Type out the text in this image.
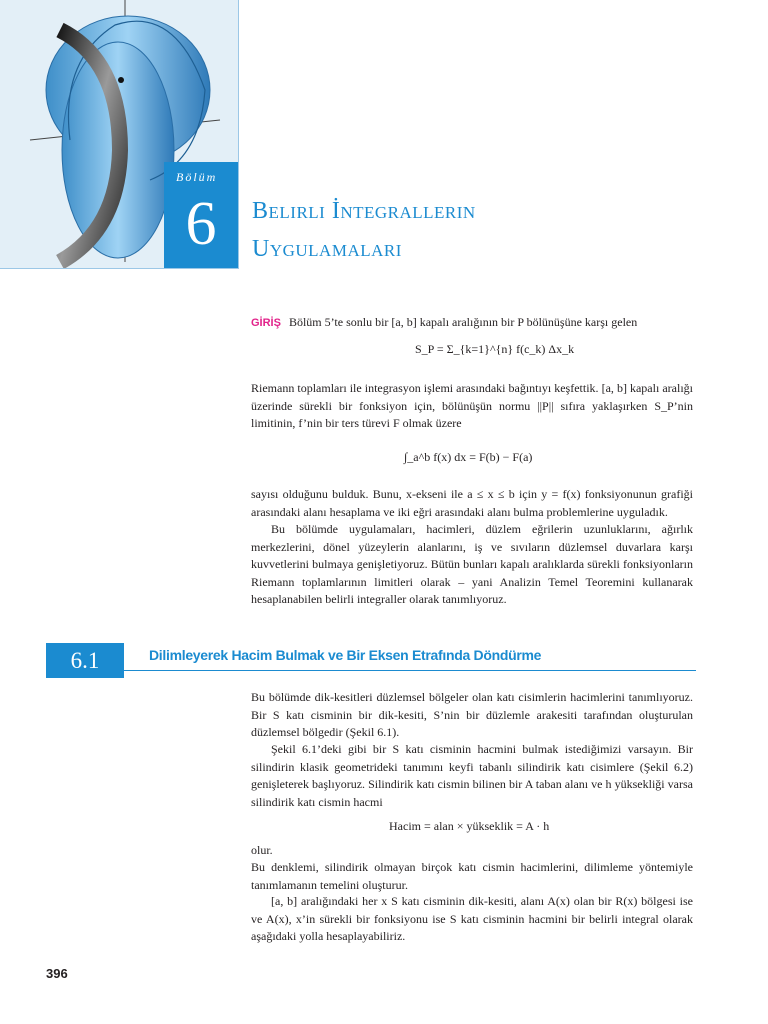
Bölüm
6	Belirli İntegrallerin
Uygulamaları

GİRİŞ Bölüm 5’te sonlu bir [a, b] kapalı aralığının bir P bölünüşüne karşı gelen

S_P = Σ_{k=1}^{n} f(c_k) Δx_k
Riemann toplamları ile integrasyon işlemi arasındaki bağıntıyı keşfettik. [a, b] kapalı aralığı üzerinde sürekli bir fonksiyon için, bölünüşün normu ||P|| sıfıra yaklaşırken S_P’nin limitinin, f’nin bir ters türevi F olmak üzere
∫_a^b f(x) dx = F(b) − F(a)
sayısı olduğunu bulduk. Bunu, x-ekseni ile a ≤ x ≤ b için y = f(x) fonksiyonunun grafiği arasındaki alanı hesaplama ve iki eğri arasındaki alanı bulma problemlerine uyguladık.
Bu bölümde uygulamaları, hacimleri, düzlem eğrilerin uzunluklarını, ağırlık merkezlerini, dönel yüzeylerin alanlarını, iş ve sıvıların düzlemsel duvarlara karşı kuvvetlerini bulmaya genişletiyoruz. Bütün bunları kapalı aralıklarda sürekli fonksiyonların Riemann toplamlarının limitleri olarak – yani Analizin Temel Teoremini kullanarak hesaplanabilen belirli integraller olarak tanımlıyoruz.
6.1	Dilimleyerek Hacim Bulmak ve Bir Eksen Etrafında Döndürme
Bu bölümde dik-kesitleri düzlemsel bölgeler olan katı cisimlerin hacimlerini tanımlıyoruz. Bir S katı cisminin bir dik-kesiti, S’nin bir düzlemle arakesiti tarafından oluşturulan düzlemsel bölgedir (Şekil 6.1).
Şekil 6.1’deki gibi bir S katı cisminin hacmini bulmak istediğimizi varsayın. Bir silindirin klasik geometrideki tanımını keyfi tabanlı silindirik katı cisimlere (Şekil 6.2) genişleterek başlıyoruz. Silindirik katı cismin bilinen bir A taban alanı ve h yüksekliği varsa silindirik katı cismin hacmi
Hacim = alan × yükseklik = A · h
olur.
Bu denklemi, silindirik olmayan birçok katı cismin hacimlerini, dilimleme yöntemiyle tanımlamanın temelini oluşturur.
[a, b] aralığındaki her x S katı cisminin dik-kesiti, alanı A(x) olan bir R(x) bölgesi ise ve A(x), x’in sürekli bir fonksiyonu ise S katı cisminin hacmini bir belirli integral olarak aşağıdaki yolla hesaplayabiliriz.
396
